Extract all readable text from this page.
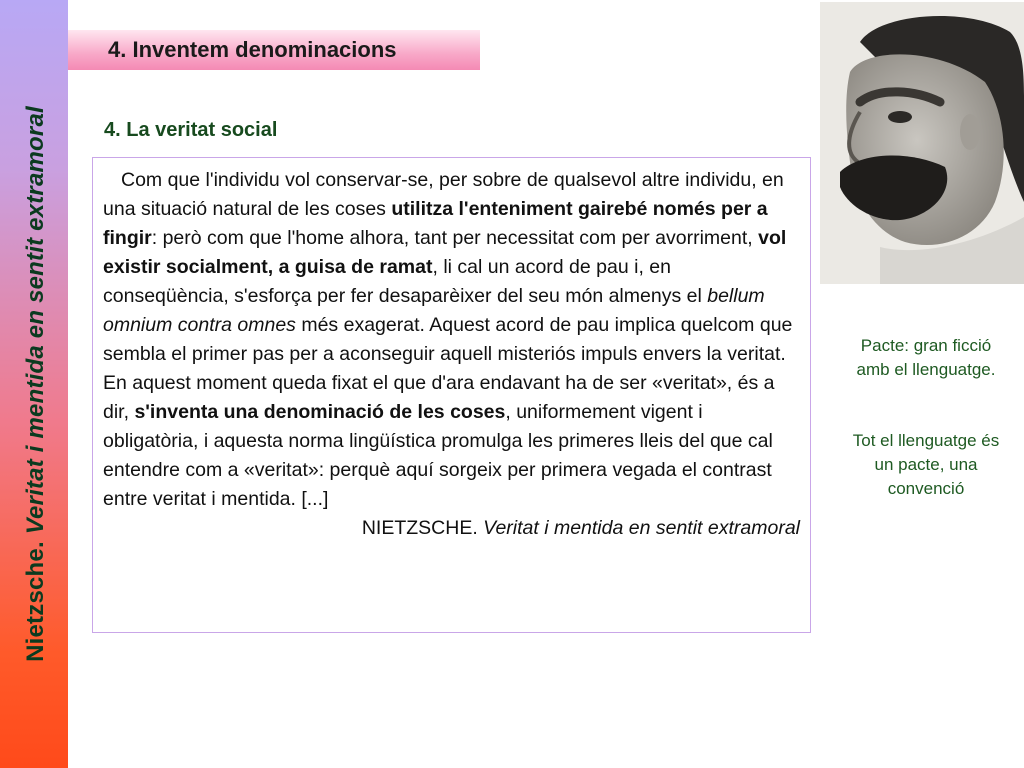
Nietzsche. Veritat i mentida en sentit extramoral
4. Inventem denominacions
4. La veritat social

Com que l'individu vol conservar-se, per sobre de qualsevol altre individu, en una situació natural de les coses utilitza l'enteniment gairebé només per a fingir: però com que l'home alhora, tant per necessitat com per avorriment, vol existir socialment, a guisa de ramat, li cal un acord de pau i, en conseqüència, s'esforça per fer desaparèixer del seu món almenys el bellum omnium contra omnes més exagerat. Aquest acord de pau implica quelcom que sembla el primer pas per a aconseguir aquell misteriós impuls envers la veritat. En aquest moment queda fixat el que d'ara endavant ha de ser «veritat», és a dir, s'inventa una denominació de les coses, uniformement vigent i obligatòria, i aquesta norma lingüística promulga les primeres lleis del que cal entendre com a «veritat»: perquè aquí sorgeix per primera vegada el contrast entre veritat i mentida. [...]

NIETZSCHE. Veritat i mentida en sentit extramoral

Pacte: gran ficció amb el llenguatge.
Tot el llenguatge és un pacte, una convenció
